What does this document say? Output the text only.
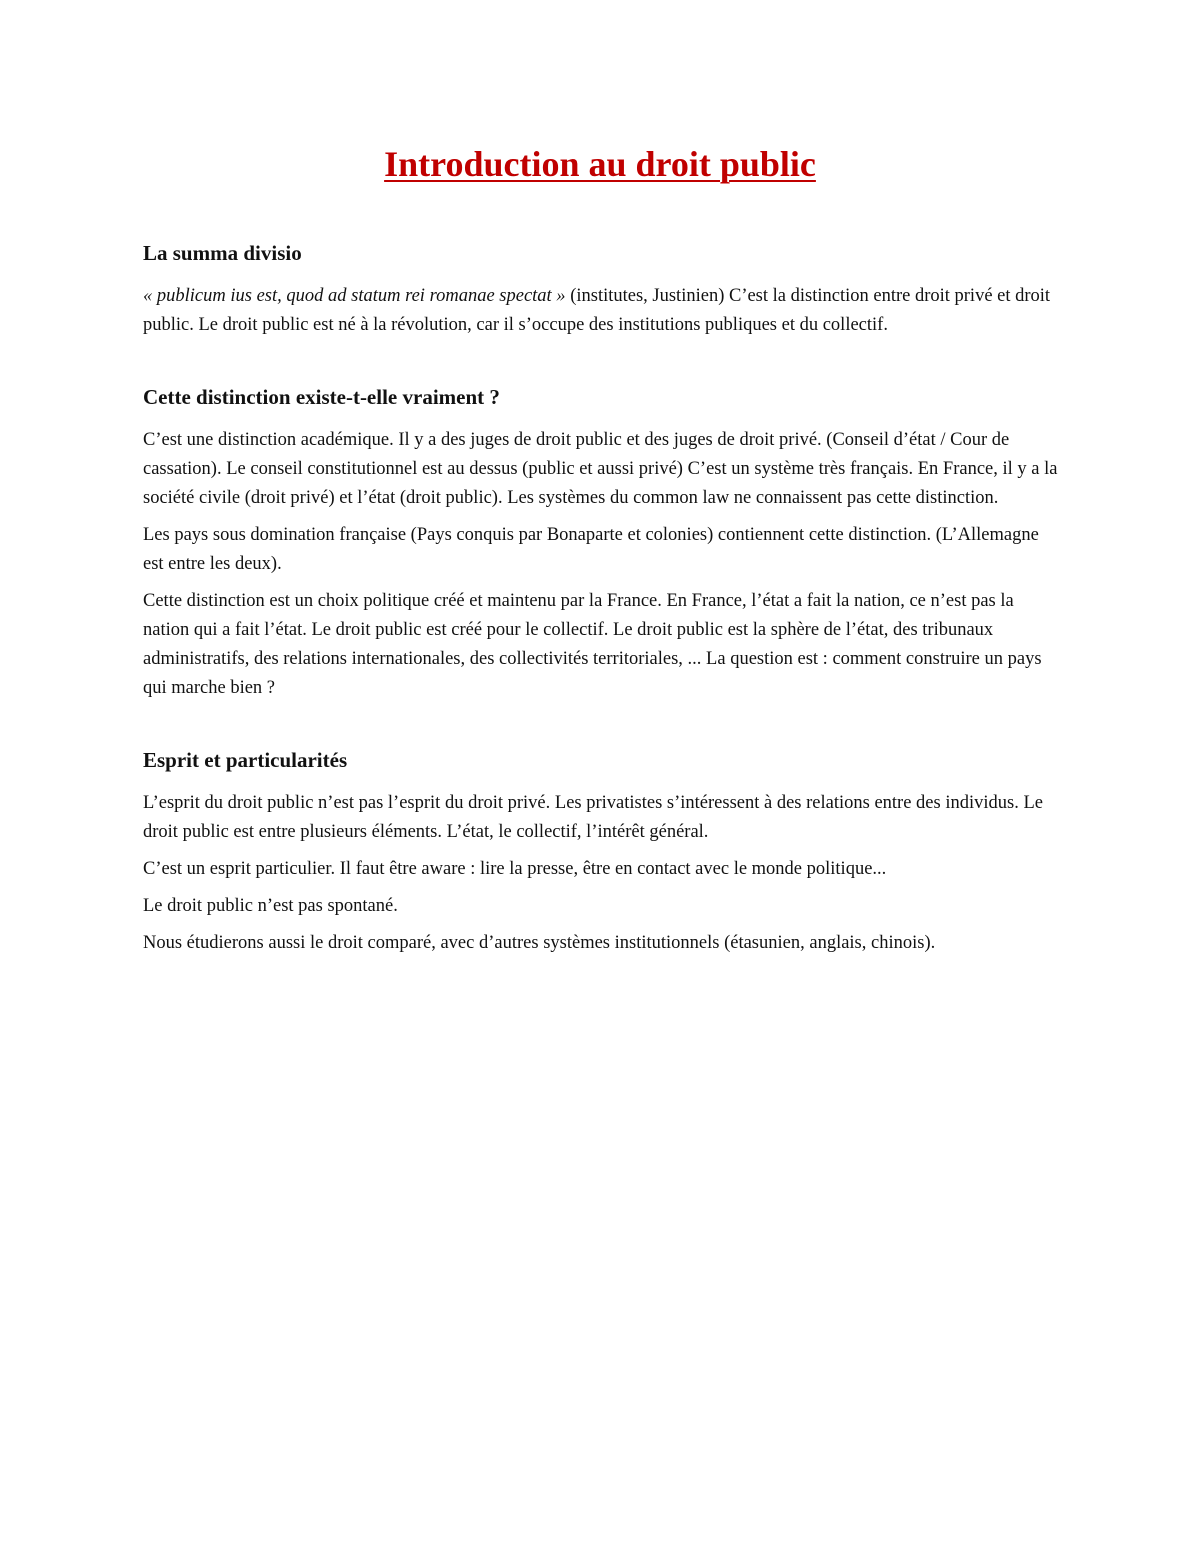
Introduction au droit public
La summa divisio

« publicum ius est, quod ad statum rei romanae spectat » (institutes, Justinien) C’est la distinction entre droit privé et droit public. Le droit public est né à la révolution, car il s’occupe des institutions publiques et du collectif.

Cette distinction existe-t-elle vraiment ?

C’est une distinction académique. Il y a des juges de droit public et des juges de droit privé. (Conseil d’état / Cour de cassation). Le conseil constitutionnel est au dessus (public et aussi privé) C’est un système très français. En France, il y a la société civile (droit privé) et l’état (droit public). Les systèmes du common law ne connaissent pas cette distinction.

Les pays sous domination française (Pays conquis par Bonaparte et colonies) contiennent cette distinction. (L’Allemagne est entre les deux).

Cette distinction est un choix politique créé et maintenu par la France. En France, l’état a fait la nation, ce n’est pas la nation qui a fait l’état. Le droit public est créé pour le collectif. Le droit public est la sphère de l’état, des tribunaux administratifs, des relations internationales, des collectivités territoriales, ... La question est : comment construire un pays qui marche bien ?

Esprit et particularités

L’esprit du droit public n’est pas l’esprit du droit privé. Les privatistes s’intéressent à des relations entre des individus. Le droit public est entre plusieurs éléments. L’état, le collectif, l’intérêt général.

C’est un esprit particulier. Il faut être aware : lire la presse, être en contact avec le monde politique...

Le droit public n’est pas spontané.

Nous étudierons aussi le droit comparé, avec d’autres systèmes institutionnels (étasunien, anglais, chinois).
